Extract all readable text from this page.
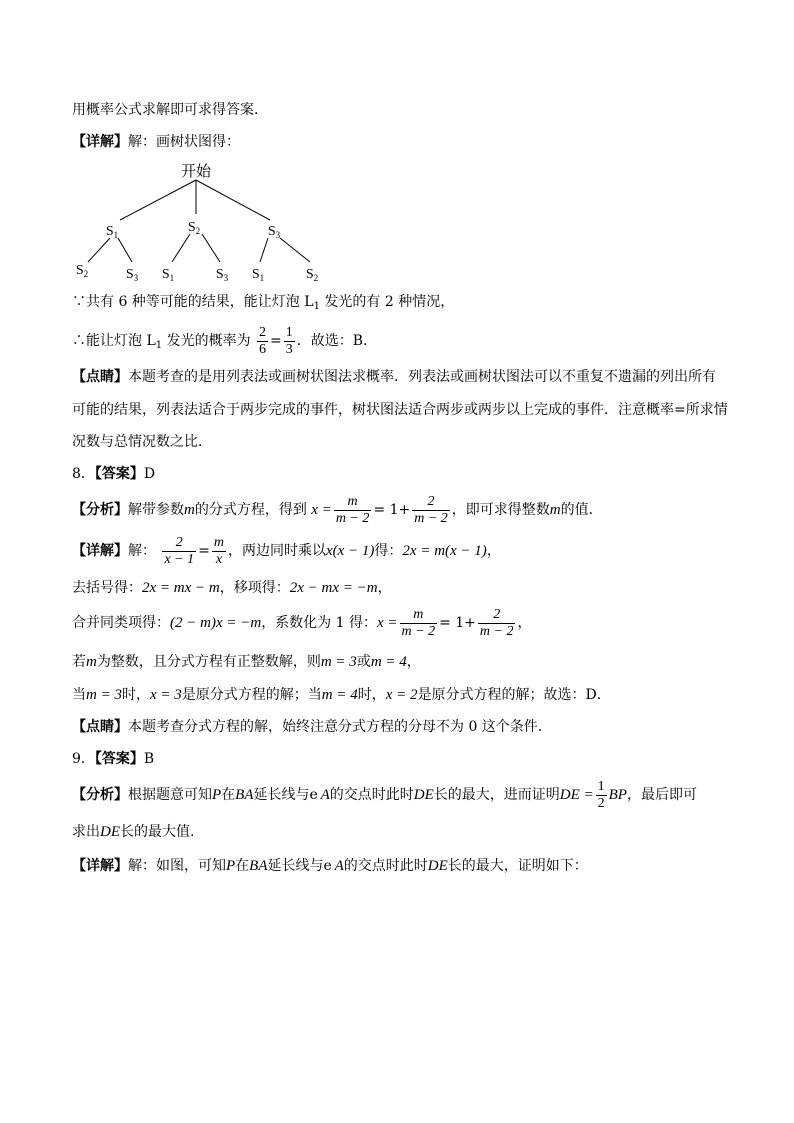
用概率公式求解即可求得答案．
【详解】解：画树状图得：
开始
$S_1$	$S_2$	$S_3$
$S_2$	$S_3$ $S_1$	$S_3$ $S_1$	$S_2$
∵共有 6 种等可能的结果，能让灯泡 $L_1$ 发光的有 2 种情况，
∴能让灯泡 $L_1$ 发光的概率为 $\frac{2}{6} = \frac{1}{3}$ ．故选：B．
【点睛】本题考查的是用列表法或画树状图法求概率．列表法或画树状图法可以不重复不遗漏的列出所有
可能的结果，列表法适合于两步完成的事件，树状图法适合两步或两步以上完成的事件．注意概率=所求情
况数与总情况数之比．
8．【答案】D
【分析】解带参数m的分式方程，得到 $x = \frac{m}{m - 2} = 1+ \frac{2}{m - 2}$ ，即可求得整数m的值．
【详解】解： $\frac{2}{x - 1} = \frac{m}{x}$ ，两边同时乘以x(x − 1)得：2x = m(x − 1)，
去括号得：2x = mx − m，移项得：2x − mx = −m，
合并同类项得：(2 − m)x = −m，系数化为 1 得：$x = \frac{m}{m - 2} = 1+ \frac{2}{m - 2}$ ，
若m为整数，且分式方程有正整数解，则m = 3或m = 4，
当m = 3时，x = 3是原分式方程的解；当m = 4时，x = 2是原分式方程的解；故选：D．
【点睛】本题考查分式方程的解，始终注意分式方程的分母不为 0 这个条件．
9．【答案】B
【分析】根据题意可知P在BA延长线与e  A的交点时此时DE长的最大，进而证明DE = $\frac{1}{2}$ BP，最后即可
求出DE长的最大值.
【详解】解：如图，可知P在BA延长线与e  A的交点时此时DE长的最大，证明如下：
